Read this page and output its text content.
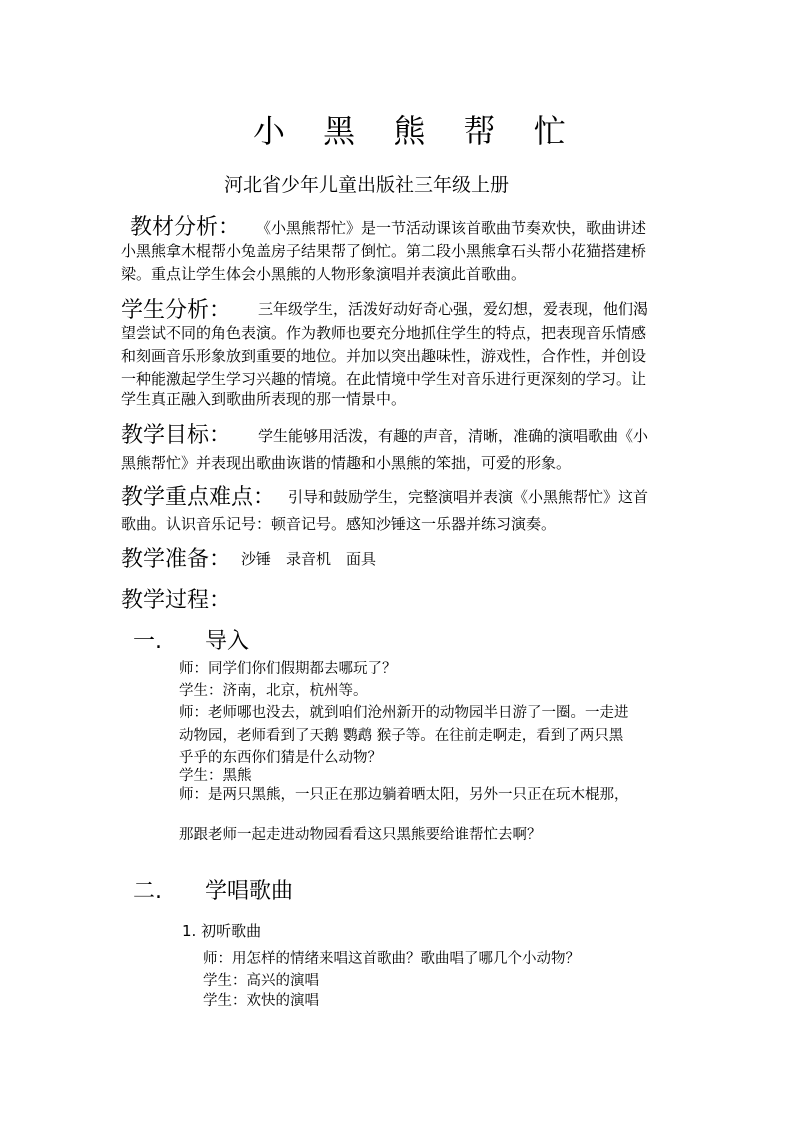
小 黑 熊 帮 忙
河北省少年儿童出版社三年级上册
教材分析： 《小黑熊帮忙》是一节活动课该首歌曲节奏欢快，歌曲讲述
小黑熊拿木棍帮小兔盖房子结果帮了倒忙。第二段小黑熊拿石头帮小花猫搭建桥
梁。重点让学生体会小黑熊的人物形象演唱并表演此首歌曲。
学生分析： 三年级学生，活泼好动好奇心强，爱幻想，爱表现，他们渴
望尝试不同的角色表演。作为教师也要充分地抓住学生的特点，把表现音乐情感
和刻画音乐形象放到重要的地位。并加以突出趣味性，游戏性，合作性，并创设
一种能激起学生学习兴趣的情境。在此情境中学生对音乐进行更深刻的学习。让
学生真正融入到歌曲所表现的那一情景中。
教学目标： 学生能够用活泼，有趣的声音，清晰，准确的演唱歌曲《小
黑熊帮忙》并表现出歌曲诙谐的情趣和小黑熊的笨拙，可爱的形象。
教学重点难点： 引导和鼓励学生，完整演唱并表演《小黑熊帮忙》这首
歌曲。认识音乐记号：顿音记号。感知沙锤这一乐器并练习演奏。
教学准备： 沙锤　录音机　面具
教学过程：
一. 导入
师：同学们你们假期都去哪玩了？
学生：济南，北京，杭州等。
师：老师哪也没去，就到咱们沧州新开的动物园半日游了一圈。一走进
动物园，老师看到了天鹅 鹦鹉 猴子等。在往前走啊走，看到了两只黑
乎乎的东西你们猜是什么动物？
学生：黑熊
师：是两只黑熊，一只正在那边躺着晒太阳，另外一只正在玩木棍那，
那跟老师一起走进动物园看看这只黑熊要给谁帮忙去啊？
二. 学唱歌曲
1. 初听歌曲
师：用怎样的情绪来唱这首歌曲？歌曲唱了哪几个小动物？
学生：高兴的演唱
学生：欢快的演唱
